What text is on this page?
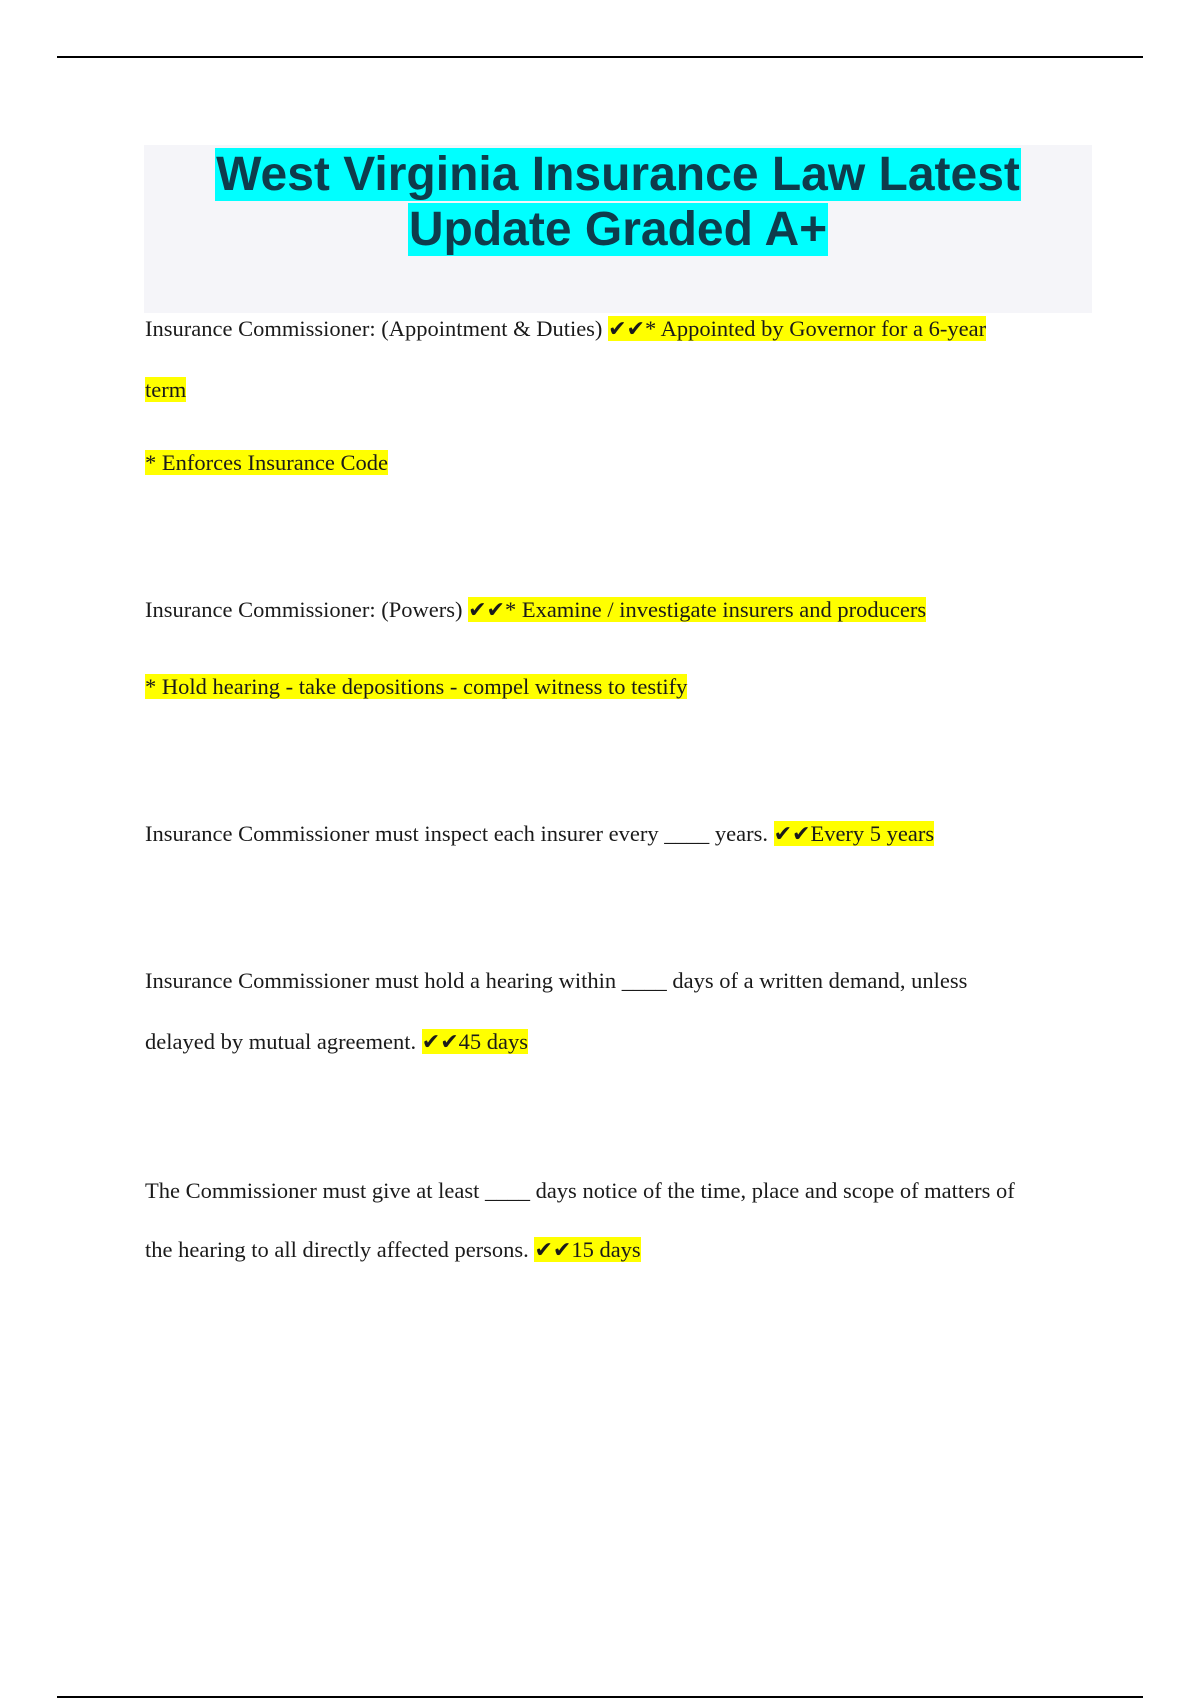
West Virginia Insurance Law Latest
Update Graded A+
Insurance Commissioner: (Appointment & Duties) ✔✔* Appointed by Governor for a 6-year
term
* Enforces Insurance Code
Insurance Commissioner: (Powers) ✔✔* Examine / investigate insurers and producers
* Hold hearing - take depositions - compel witness to testify
Insurance Commissioner must inspect each insurer every ____ years. ✔✔Every 5 years
Insurance Commissioner must hold a hearing within ____ days of a written demand, unless
delayed by mutual agreement. ✔✔45 days
The Commissioner must give at least ____ days notice of the time, place and scope of matters of
the hearing to all directly affected persons. ✔✔15 days
